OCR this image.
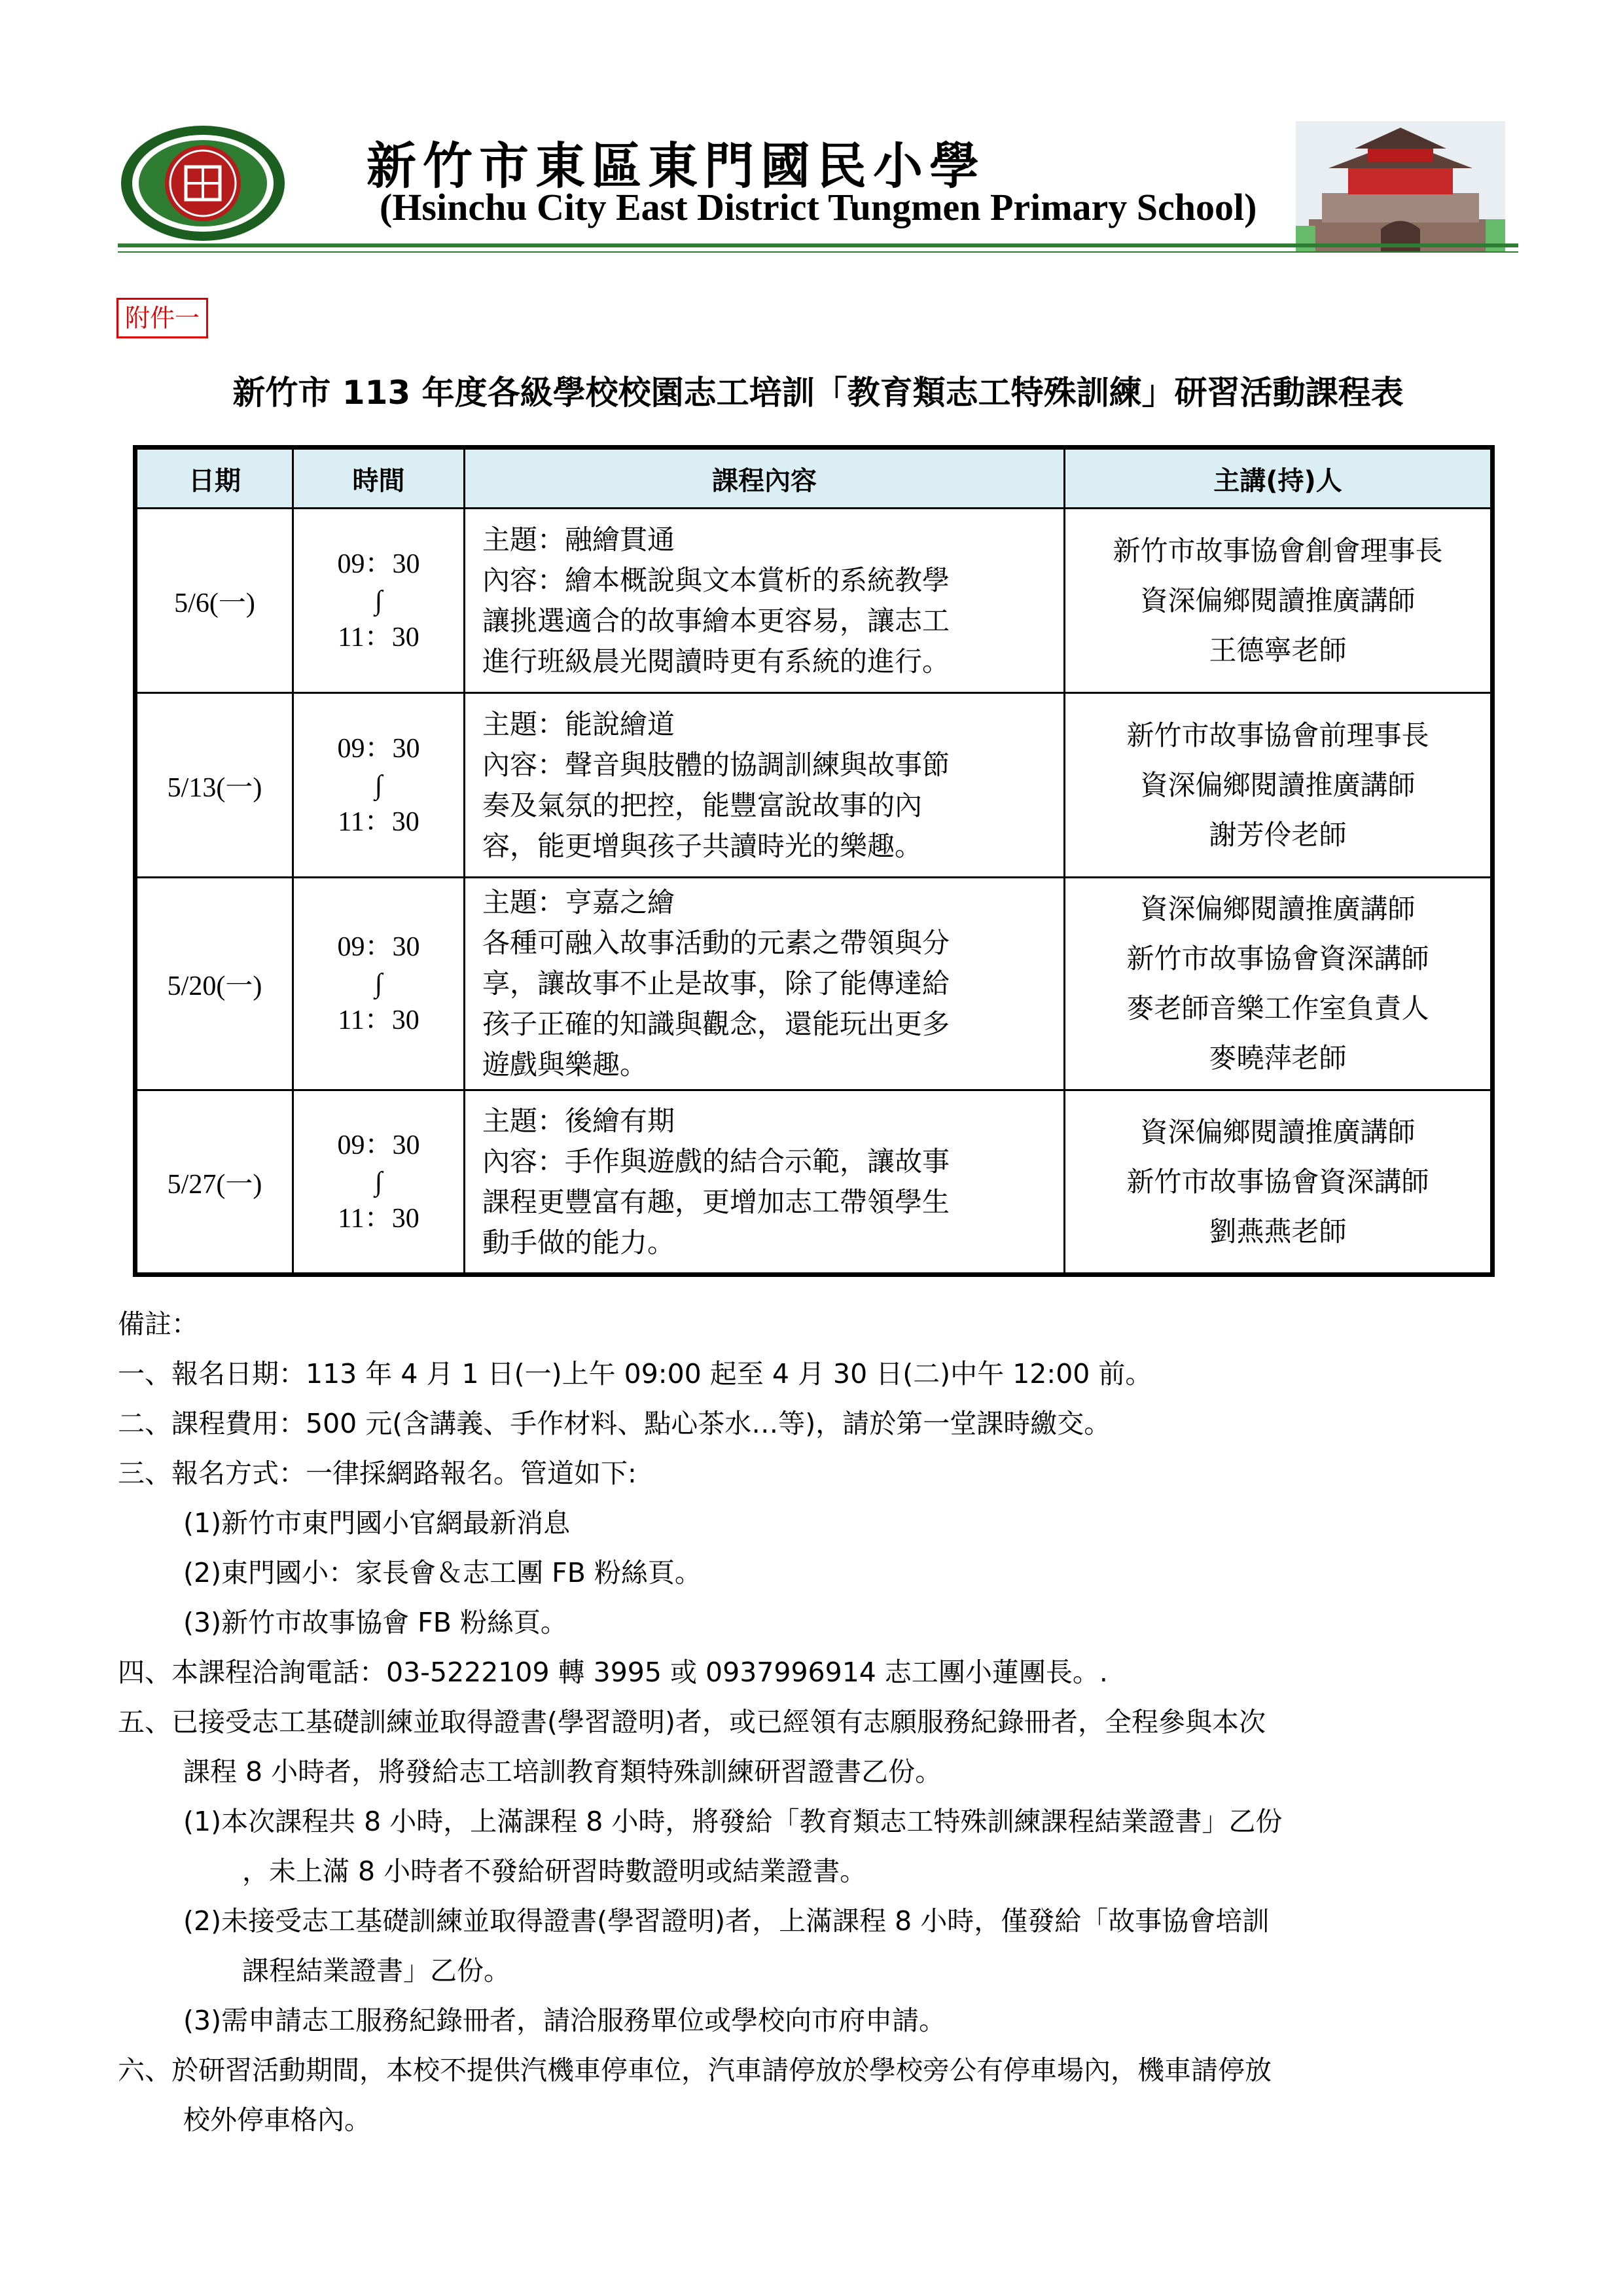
新竹市東區東門國民小學
(Hsinchu City East District Tungmen Primary School)
附件一
新竹市 113 年度各級學校校園志工培訓「教育類志工特殊訓練」研習活動課程表
日期	時間	課程內容	主講(持)人
5/6(一)	09：30
∫
11：30	主題：融繪貫通
內容：繪本概說與文本賞析的系統教學
讓挑選適合的故事繪本更容易，讓志工
進行班級晨光閱讀時更有系統的進行。	新竹市故事協會創會理事長
資深偏鄉閱讀推廣講師
王德寧老師

5/13(一)	09：30
∫
11：30	主題：能說繪道
內容：聲音與肢體的協調訓練與故事節
奏及氣氛的把控，能豐富說故事的內
容，能更增與孩子共讀時光的樂趣。	新竹市故事協會前理事長
資深偏鄉閱讀推廣講師
謝芳伶老師

5/20(一)	09：30
∫
11：30	主題：亨嘉之繪
各種可融入故事活動的元素之帶領與分
享，讓故事不止是故事，除了能傳達給
孩子正確的知識與觀念，還能玩出更多
遊戲與樂趣。	資深偏鄉閱讀推廣講師
新竹市故事協會資深講師
麥老師音樂工作室負責人
麥曉萍老師

5/27(一)	09：30
∫
11：30	主題：後繪有期
內容：手作與遊戲的結合示範，讓故事
課程更豐富有趣，更增加志工帶領學生
動手做的能力。	資深偏鄉閱讀推廣講師
新竹市故事協會資深講師
劉燕燕老師
備註：
一、報名日期：113 年 4 月 1 日(一)上午 09:00 起至 4 月 30 日(二)中午 12:00 前。
二、課程費用：500 元(含講義、手作材料、點心茶水…等)，請於第一堂課時繳交。
三、報名方式：一律採網路報名。管道如下:
(1)新竹市東門國小官網最新消息
(2)東門國小：家長會＆志工團 FB 粉絲頁。
(3)新竹市故事協會 FB 粉絲頁。
四、本課程洽詢電話：03-5222109 轉 3995 或 0937996914 志工團小蓮團長。.
五、已接受志工基礎訓練並取得證書(學習證明)者，或已經領有志願服務紀錄冊者，全程參與本次
課程 8 小時者，將發給志工培訓教育類特殊訓練研習證書乙份。
(1)本次課程共 8 小時，上滿課程 8 小時，將發給「教育類志工特殊訓練課程結業證書」乙份
，未上滿 8 小時者不發給研習時數證明或結業證書。
(2)未接受志工基礎訓練並取得證書(學習證明)者，上滿課程 8 小時，僅發給「故事協會培訓
課程結業證書」乙份。
(3)需申請志工服務紀錄冊者，請洽服務單位或學校向市府申請。
六、於研習活動期間，本校不提供汽機車停車位，汽車請停放於學校旁公有停車場內，機車請停放
校外停車格內。
